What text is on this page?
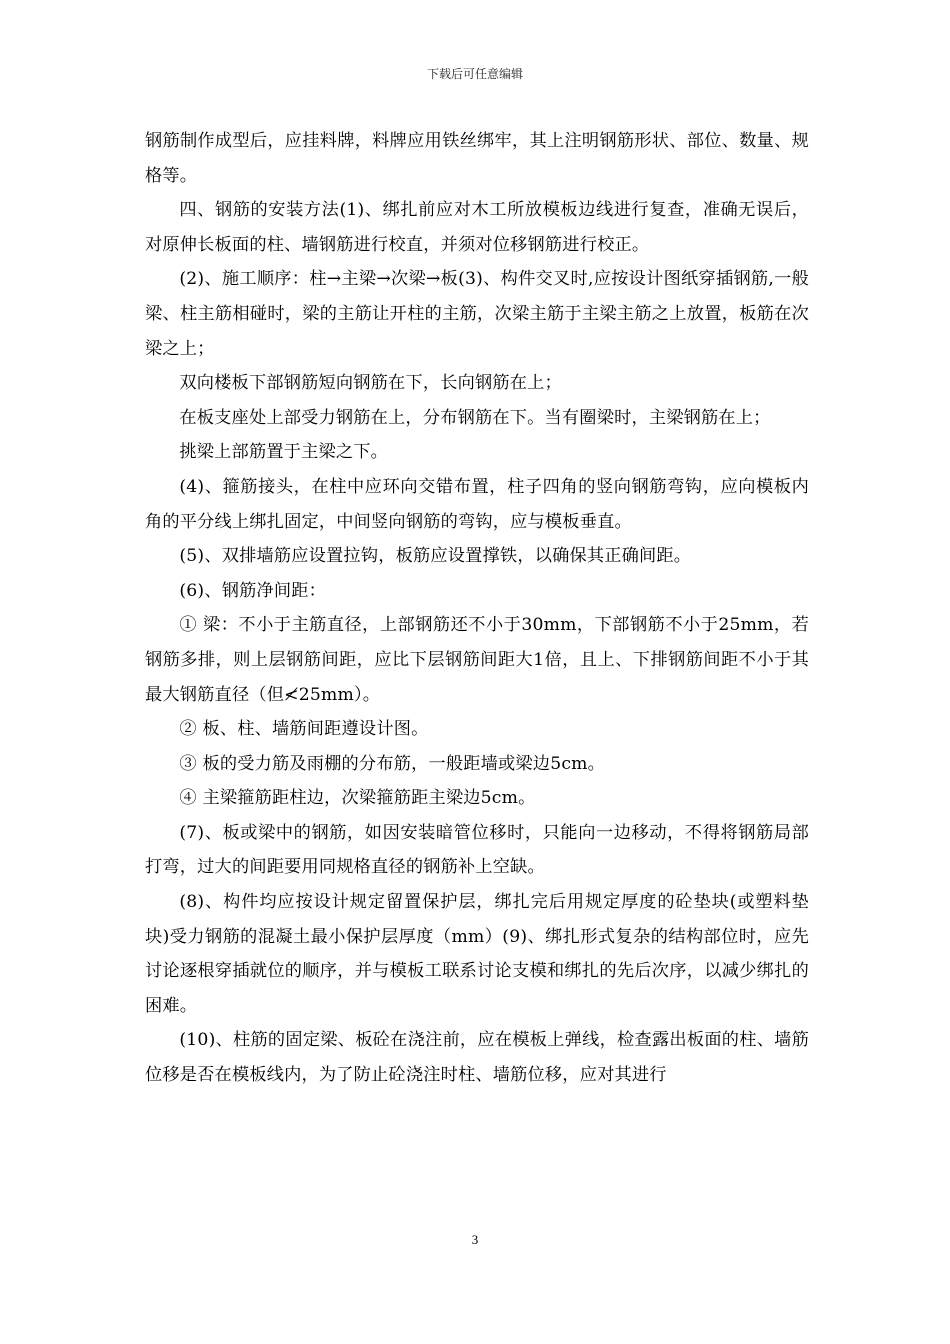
下载后可任意编辑

钢筋制作成型后，应挂料牌，料牌应用铁丝绑牢，其上注明钢筋形状、部位、数量、规格等。

四、钢筋的安装方法(1)、绑扎前应对木工所放模板边线进行复查，准确无误后，对原伸长板面的柱、墙钢筋进行校直，并须对位移钢筋进行校正。

(2)、施工顺序：柱→主梁→次梁→板(3)、构件交叉时,应按设计图纸穿插钢筋,一般梁、柱主筋相碰时，梁的主筋让开柱的主筋，次梁主筋于主梁主筋之上放置，板筋在次梁之上；

双向楼板下部钢筋短向钢筋在下，长向钢筋在上；

在板支座处上部受力钢筋在上，分布钢筋在下。当有圈梁时，主梁钢筋在上；

挑梁上部筋置于主梁之下。

(4)、箍筋接头，在柱中应环向交错布置，柱子四角的竖向钢筋弯钩，应向模板内角的平分线上绑扎固定，中间竖向钢筋的弯钩，应与模板垂直。

(5)、双排墙筋应设置拉钩，板筋应设置撑铁，以确保其正确间距。

(6)、钢筋净间距：

① 梁：不小于主筋直径，上部钢筋还不小于30mm，下部钢筋不小于25mm，若钢筋多排，则上层钢筋间距，应比下层钢筋间距大1倍，且上、下排钢筋间距不小于其最大钢筋直径（但≮25mm）。

② 板、柱、墙筋间距遵设计图。

③ 板的受力筋及雨棚的分布筋，一般距墙或梁边5cm。

④ 主梁箍筋距柱边，次梁箍筋距主梁边5cm。

(7)、板或梁中的钢筋，如因安装暗管位移时，只能向一边移动，不得将钢筋局部打弯，过大的间距要用同规格直径的钢筋补上空缺。

(8)、构件均应按设计规定留置保护层，绑扎完后用规定厚度的砼垫块(或塑料垫块)受力钢筋的混凝土最小保护层厚度（mm）(9)、绑扎形式复杂的结构部位时，应先讨论逐根穿插就位的顺序，并与模板工联系讨论支模和绑扎的先后次序，以减少绑扎的困难。

(10)、柱筋的固定梁、板砼在浇注前，应在模板上弹线，检查露出板面的柱、墙筋位移是否在模板线内，为了防止砼浇注时柱、墙筋位移，应对其进行

3
